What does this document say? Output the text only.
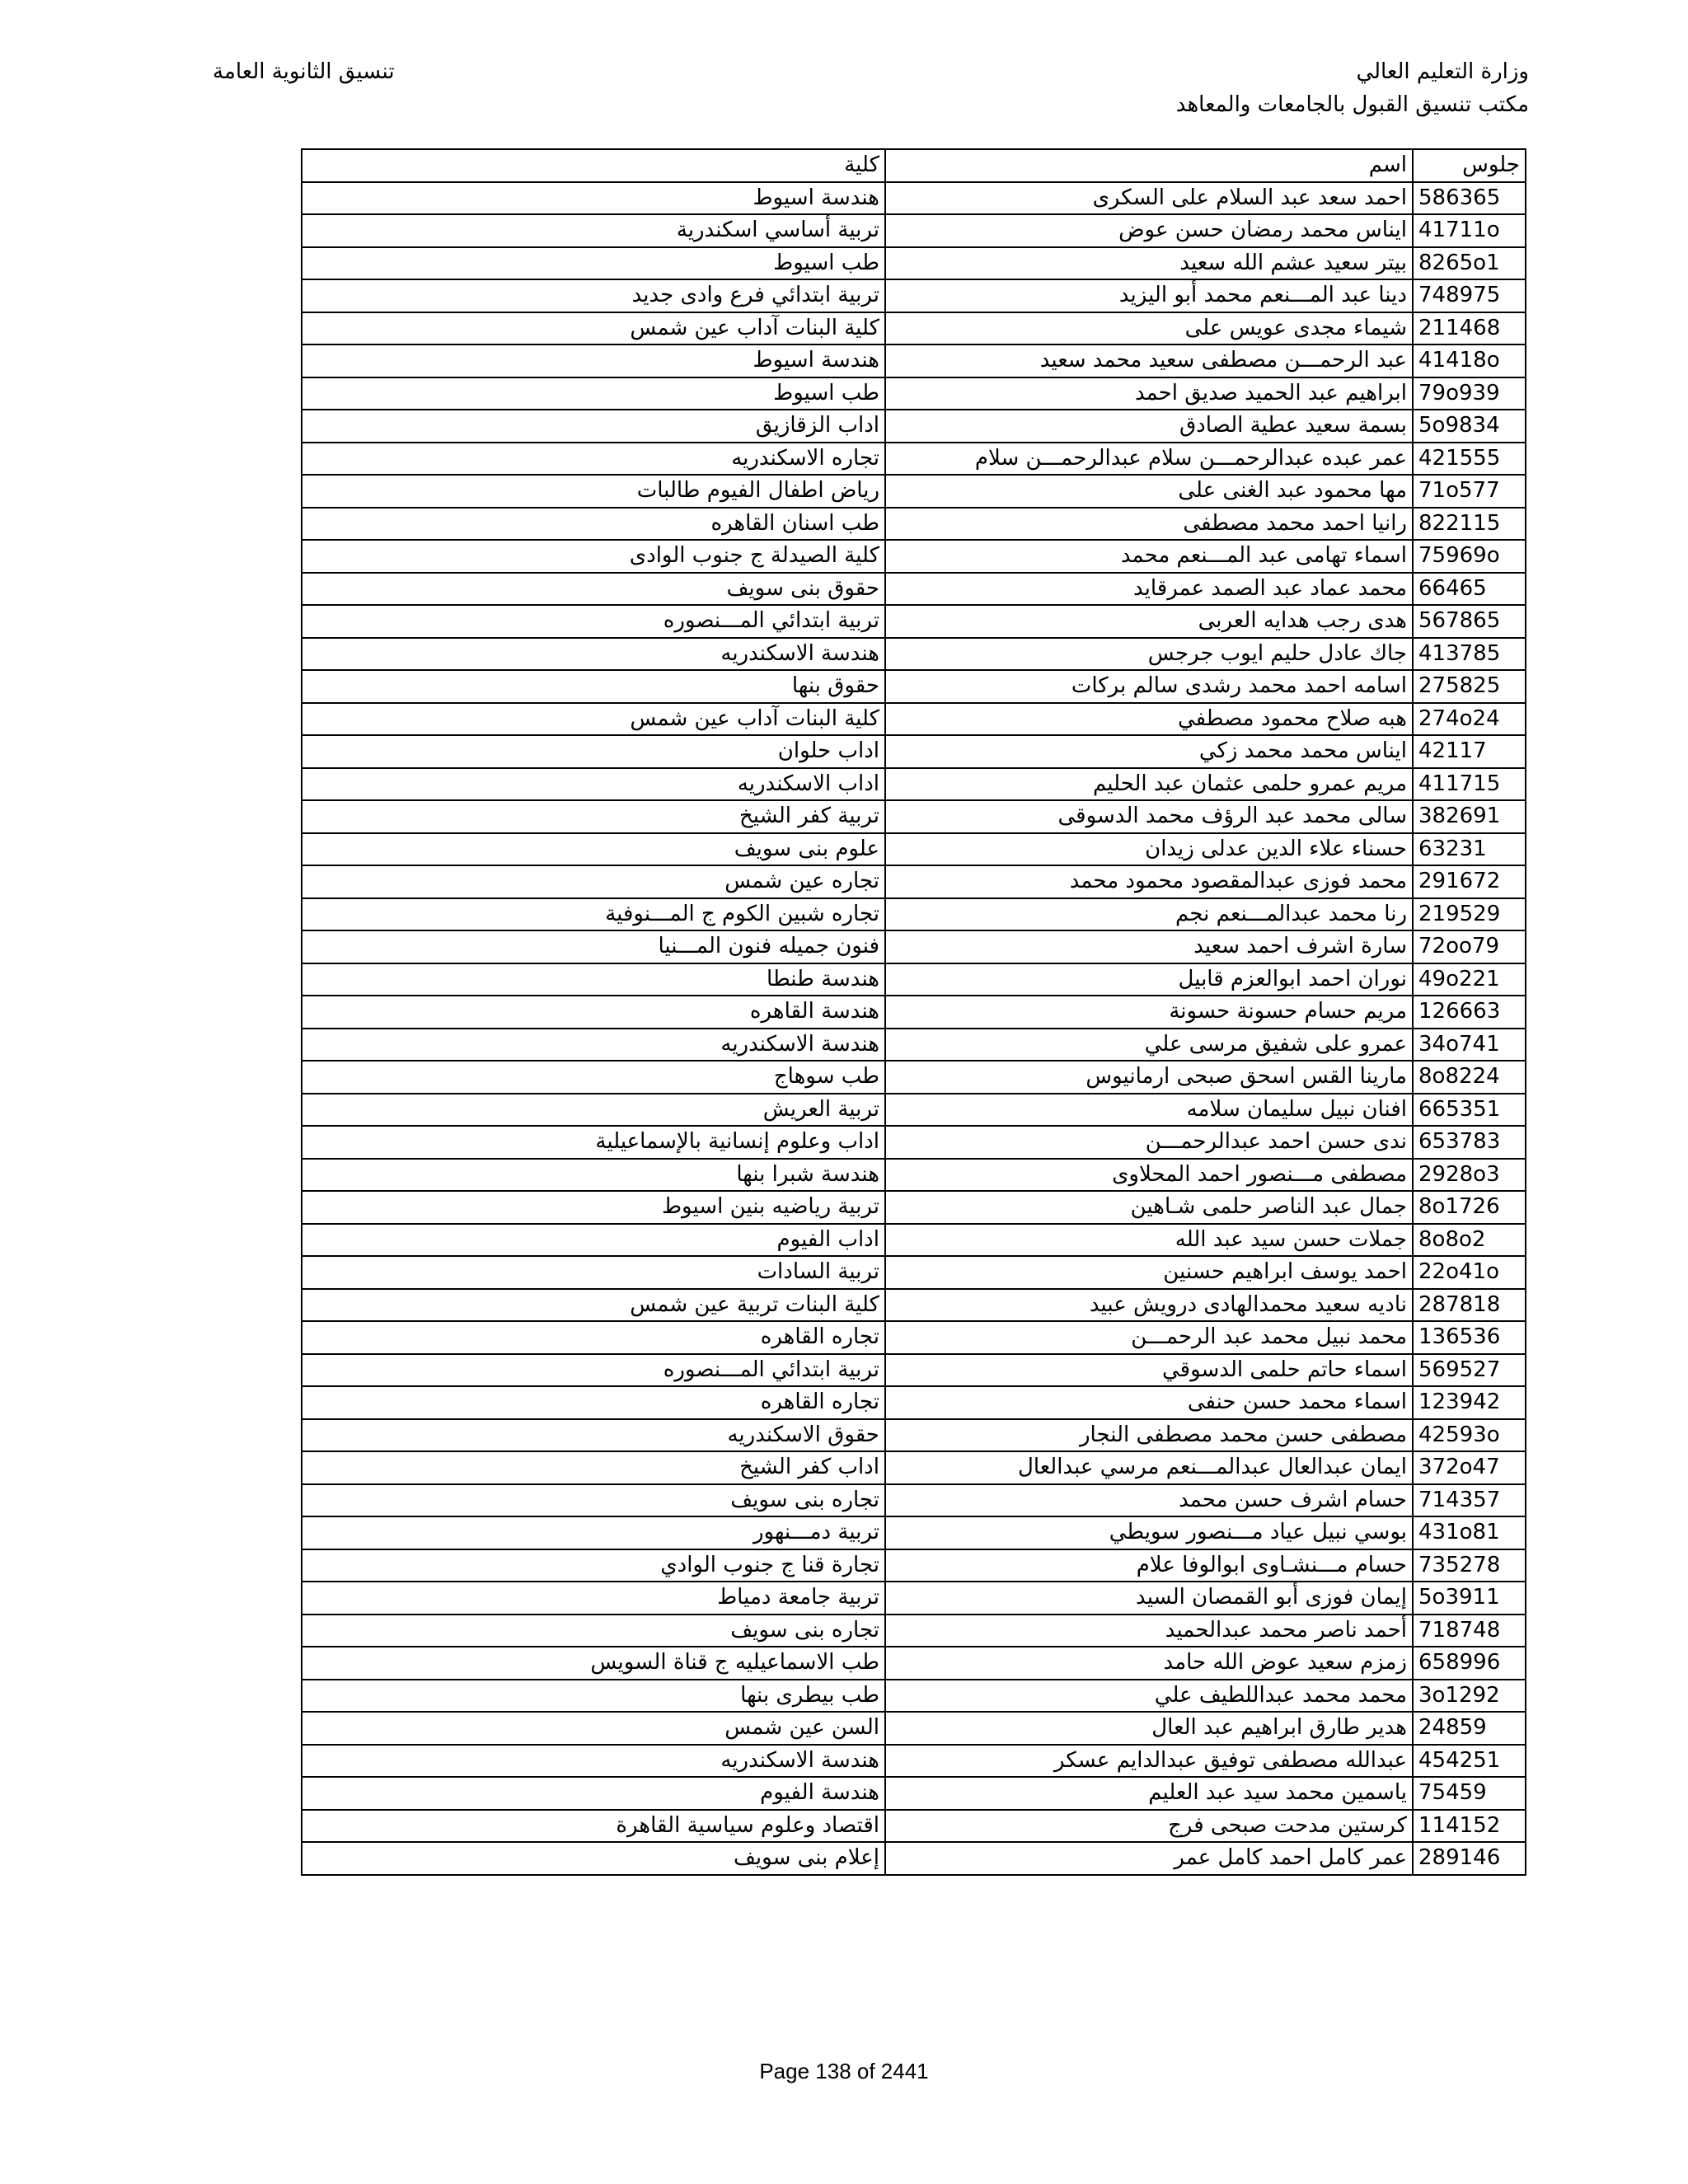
وزارة التعليم العالي
مكتب تنسيق القبول بالجامعات والمعاهد
تنسيق الثانوية العامة
جلوس	اسم	كلية
586365	احمد سعد عبد السلام على السكرى	هندسة اسيوط
41711o	ايناس محمد رمضان حسن عوض	تربية أساسي اسكندرية
8265o1	بيتر سعيد عشم الله سعيد	طب اسيوط
748975	دينا عبد المـــنعم محمد أبو اليزيد	تربية ابتدائي فرع وادى جديد
211468	شيماء مجدى عويس على	كلية البنات آداب عين شمس
41418o	عبد الرحمـــن مصطفى سعيد محمد سعيد	هندسة اسيوط
79o939	ابراهيم عبد الحميد صديق احمد	طب اسيوط
5o9834	بسمة سعيد عطية الصادق	اداب الزقازيق
421555	عمر عبده عبدالرحمـــن سلام عبدالرحمـــن سلام	تجاره الاسكندريه
71o577	مها محمود عبد الغنى على	رياض اطفال الفيوم طالبات
822115	رانيا احمد محمد مصطفى	طب اسنان القاهره
75969o	اسماء تهامى عبد المـــنعم محمد	كلية الصيدلة ج جنوب الوادى
66465	محمد عماد عبد الصمد عمرقايد	حقوق بنى سويف
567865	هدى رجب هدايه العربى	تربية ابتدائي المـــنصوره
413785	جاك عادل حليم ايوب جرجس	هندسة الاسكندريه
275825	اسامه احمد محمد رشدى سالم بركات	حقوق بنها
274o24	هبه صلاح محمود مصطفي	كلية البنات آداب عين شمس
42117	ايناس محمد محمد زكي	اداب حلوان
411715	مريم عمرو حلمى عثمان عبد الحليم	اداب الاسكندريه
382691	سالى محمد عبد الرؤف محمد الدسوقى	تربية كفر الشيخ
63231	حسناء علاء الدين عدلى زيدان	علوم بنى سويف
291672	محمد فوزى عبدالمقصود محمود محمد	تجاره عين شمس
219529	رنا محمد عبدالمـــنعم نجم	تجاره شبين الكوم ج المـــنوفية
72oo79	سارة اشرف احمد سعيد	فنون جميله فنون المـــنيا
49o221	نوران احمد ابوالعزم قابيل	هندسة طنطا
126663	مريم حسام حسونة حسونة	هندسة القاهره
34o741	عمرو على شفيق مرسى علي	هندسة الاسكندريه
8o8224	مارينا القس اسحق صبحى ارمانيوس	طب سوهاج
665351	افنان نبيل سليمان سلامه	تربية العريش
653783	ندى حسن احمد عبدالرحمـــن	اداب وعلوم إنسانية بالإسماعيلية
2928o3	مصطفى مـــنصور احمد المحلاوى	هندسة شبرا بنها
8o1726	جمال عبد الناصر حلمى شـاهين	تربية رياضيه بنين اسيوط
8o8o2	جملات حسن سيد عبد الله	اداب الفيوم
22o41o	احمد يوسف ابراهيم حسنين	تربية السادات
287818	ناديه سعيد محمدالهادى درويش عبيد	كلية البنات تربية عين شمس
136536	محمد نبيل محمد عبد الرحمـــن	تجاره القاهره
569527	اسماء حاتم حلمى الدسوقي	تربية ابتدائي المـــنصوره
123942	اسماء محمد حسن حنفى	تجاره القاهره
42593o	مصطفى حسن محمد مصطفى النجار	حقوق الاسكندريه
372o47	ايمان عبدالعال عبدالمـــنعم مرسي عبدالعال	اداب كفر الشيخ
714357	حسام اشرف حسن محمد	تجاره بنى سويف
431o81	بوسي نبيل عياد مـــنصور سويطي	تربية دمـــنهور
735278	حسام مـــنشـاوى ابوالوفا علام	تجارة قنا ج جنوب الوادي
5o3911	إيمان فوزى أبو القمصان السيد	تربية جامعة دمياط
718748	أحمد ناصر محمد عبدالحميد	تجاره بنى سويف
658996	زمزم سعيد عوض الله حامد	طب الاسماعيليه ج قناة السويس
3o1292	محمد محمد عبداللطيف علي	طب بيطرى بنها
24859	هدير طارق ابراهيم عبد العال	السن عين شمس
454251	عبدالله مصطفى توفيق عبدالدايم عسكر	هندسة الاسكندريه
75459	ياسمين محمد سيد عبد العليم	هندسة الفيوم
114152	كرستين مدحت صبحى فرج	اقتصاد وعلوم سياسية القاهرة
289146	عمر كامل احمد كامل عمر	إعلام بنى سويف
Page 138 of 2441
